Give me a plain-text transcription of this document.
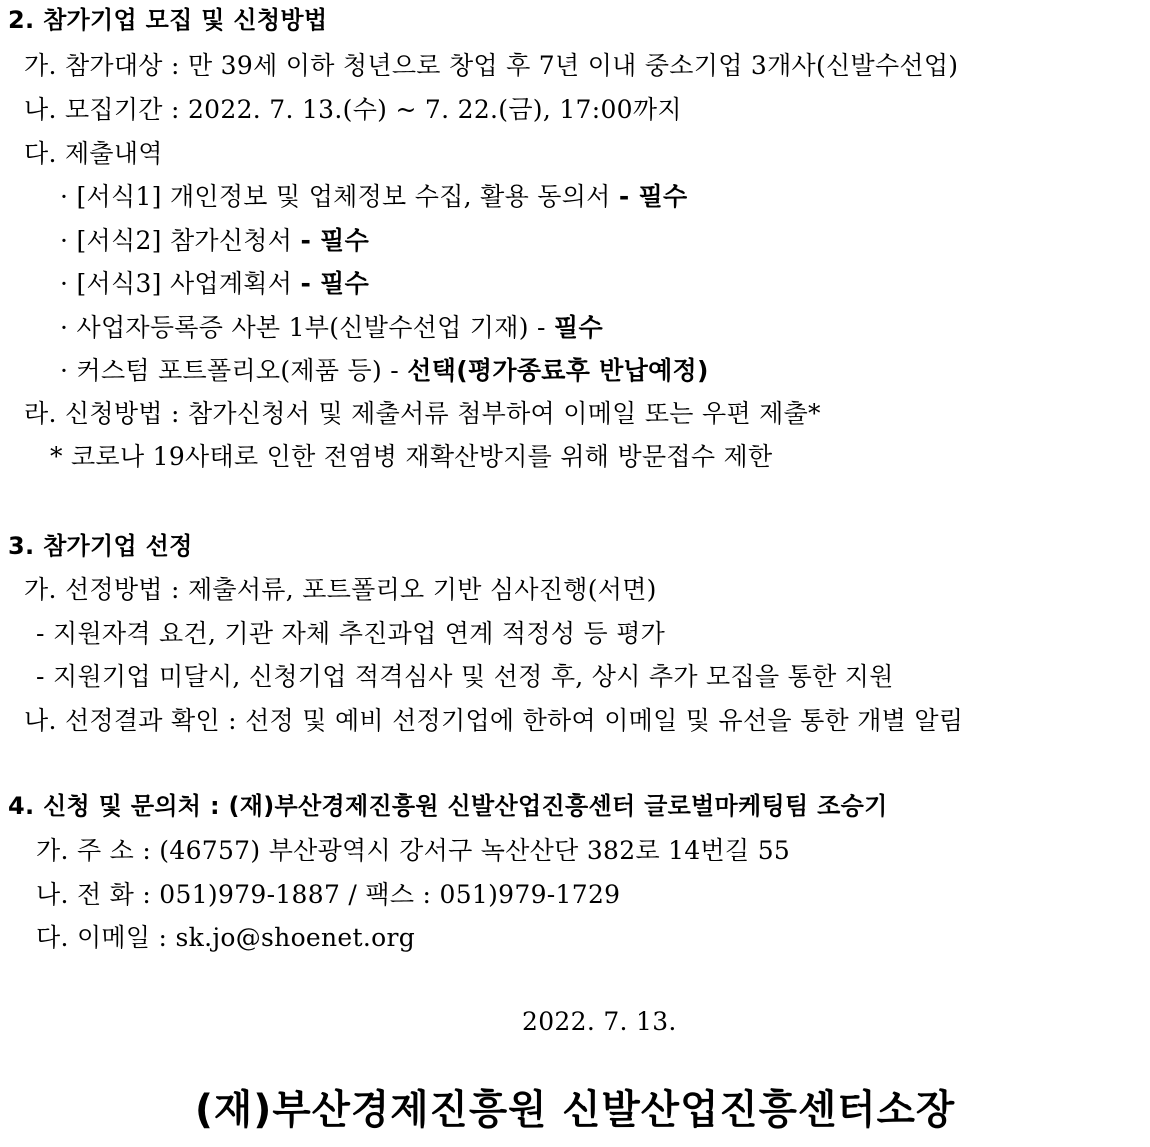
2. 참가기업 모집 및 신청방법
가. 참가대상 : 만 39세 이하 청년으로 창업 후 7년 이내 중소기업 3개사(신발수선업)
나. 모집기간 : 2022. 7. 13.(수) ~ 7. 22.(금), 17:00까지
다. 제출내역
· [서식1] 개인정보 및 업체정보 수집, 활용 동의서 - 필수
· [서식2] 참가신청서 - 필수
· [서식3] 사업계획서 - 필수
· 사업자등록증 사본 1부(신발수선업 기재) - 필수
· 커스텀 포트폴리오(제품 등) - 선택(평가종료후 반납예정)
라. 신청방법 : 참가신청서 및 제출서류 첨부하여 이메일 또는 우편 제출*
* 코로나 19사태로 인한 전염병 재확산방지를 위해 방문접수 제한
3. 참가기업 선정
가. 선정방법 : 제출서류, 포트폴리오 기반 심사진행(서면)
- 지원자격 요건, 기관 자체 추진과업 연계 적정성 등 평가
- 지원기업 미달시, 신청기업 적격심사 및 선정 후, 상시 추가 모집을 통한 지원
나. 선정결과 확인 : 선정 및 예비 선정기업에 한하여 이메일 및 유선을 통한 개별 알림
4. 신청 및 문의처 : (재)부산경제진흥원 신발산업진흥센터 글로벌마케팅팀 조승기
가. 주 소 : (46757) 부산광역시 강서구 녹산산단 382로 14번길 55
나. 전 화 : 051)979-1887 / 팩스 : 051)979-1729
다. 이메일 : sk.jo@shoenet.org
2022. 7. 13.
(재)부산경제진흥원 신발산업진흥센터소장
